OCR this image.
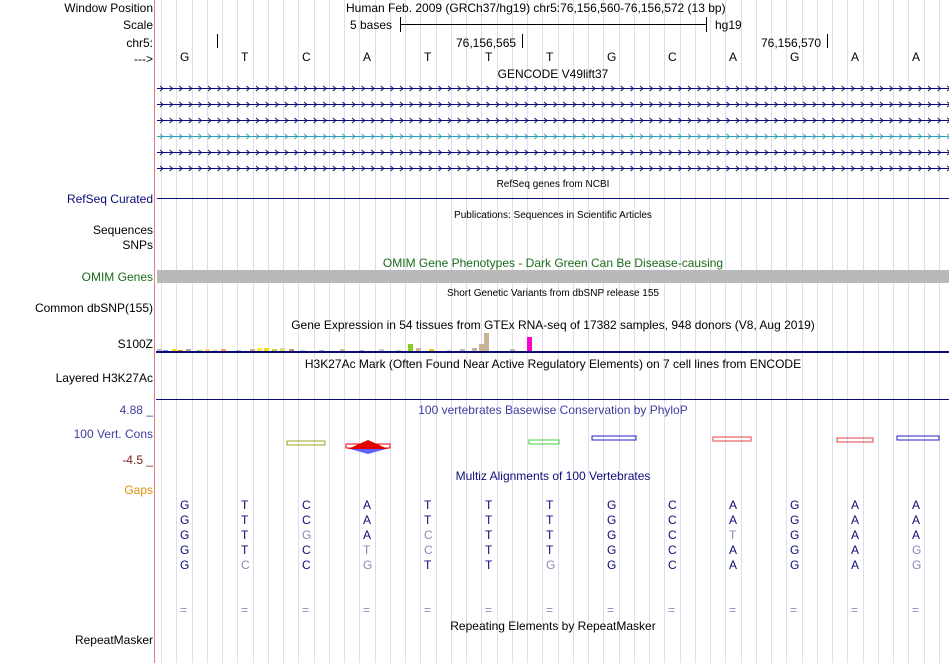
Window Position	Human Feb. 2009 (GRCh37/hg19) chr5:76,156,560-76,156,572 (13 bp)
Scale	5 bases	hg19
chr5:	76,156,565	76,156,570
---> G	T	C	A	T	T	T	G	C	A	G	A	A
GENCODE V49lift37
RefSeq genes from NCBI
RefSeq Curated
Publications: Sequences in Scientific Articles
Sequences
SNPs
OMIM Gene Phenotypes - Dark Green Can Be Disease-causing
OMIM Genes
Short Genetic Variants from dbSNP release 155
Common dbSNP(155)
Gene Expression in 54 tissues from GTEx RNA-seq of 17382 samples, 948 donors (V8, Aug 2019)
S100Z
H3K27Ac Mark (Often Found Near Active Regulatory Elements) on 7 cell lines from ENCODE
Layered H3K27Ac
100 vertebrates Basewise Conservation by PhyloP
4.88 _
100 Vert. Cons
-4.5 _
Multiz Alignments of 100 Vertebrates
Gaps
G	T	C	A	T	T	T	G	C	A	G	A	A
G	T	C	A	T	T	T	G	C	A	G	A	A
G	T	G	A	C	T	T	G	C	T	G	A	A
G	T	C	T	C	T	T	G	C	A	G	A	G
G	C	C	G	T	T	G	G	C	A	G	A	G
=	=	=	=	=	=	=	=	=	=	=	=	=
Repeating Elements by RepeatMasker
RepeatMasker
